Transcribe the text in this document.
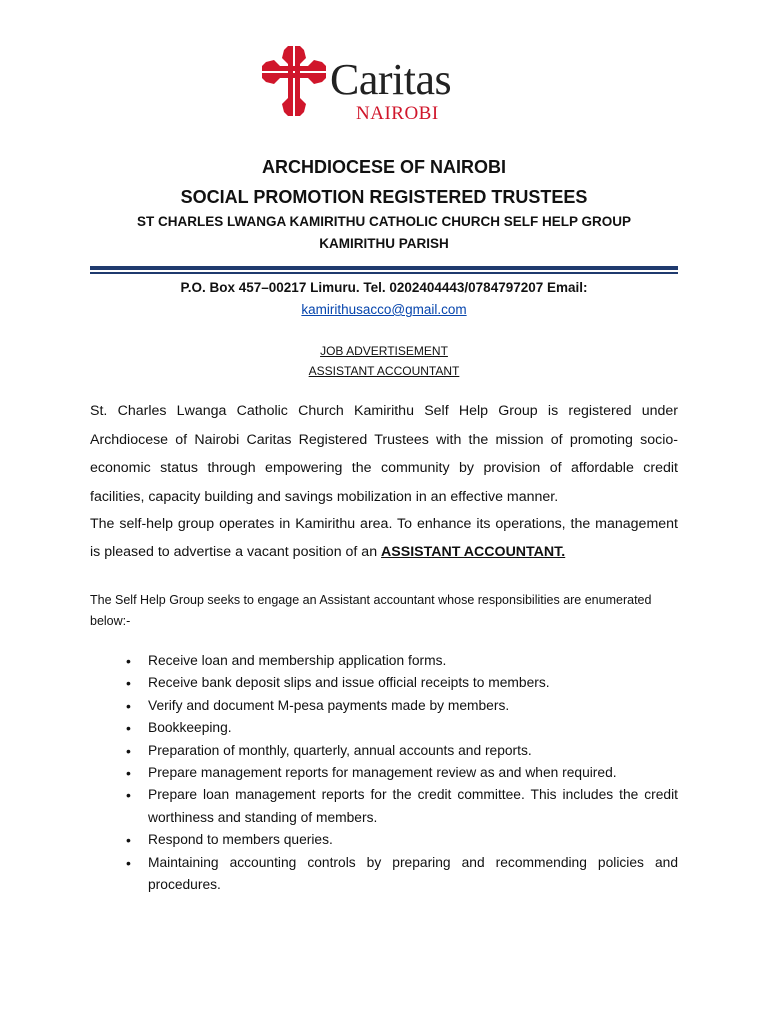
Caritas
NAIROBI
ARCHDIOCESE OF NAIROBI
SOCIAL PROMOTION REGISTERED TRUSTEES
ST CHARLES LWANGA KAMIRITHU CATHOLIC CHURCH SELF HELP GROUP
KAMIRITHU PARISH
P.O. Box 457–00217 Limuru. Tel. 0202404443/0784797207 Email:
kamirithusacco@gmail.com
JOB ADVERTISEMENT
ASSISTANT ACCOUNTANT
St. Charles Lwanga Catholic Church Kamirithu Self Help Group is registered under Archdiocese of Nairobi Caritas Registered Trustees with the mission of promoting socio-economic status through empowering the community by provision of affordable credit facilities, capacity building and savings mobilization in an effective manner.
The self-help group operates in Kamirithu area. To enhance its operations, the management is pleased to advertise a vacant position of an ASSISTANT ACCOUNTANT.
The Self Help Group seeks to engage an Assistant accountant whose responsibilities are enumerated below:-
• Receive loan and membership application forms.
• Receive bank deposit slips and issue official receipts to members.
• Verify and document M-pesa payments made by members.
• Bookkeeping.
• Preparation of monthly, quarterly, annual accounts and reports.
• Prepare management reports for management review as and when required.
• Prepare loan management reports for the credit committee. This includes the credit worthiness and standing of members.
• Respond to members queries.
• Maintaining accounting controls by preparing and recommending policies and procedures.
